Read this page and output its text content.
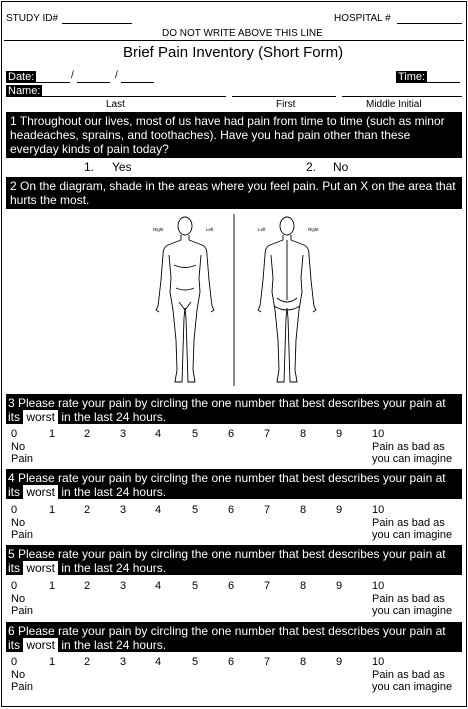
STUDY ID#	HOSPITAL #
DO NOT WRITE ABOVE THIS LINE
Brief Pain Inventory (Short Form)
Date:	/	/	Time:
Name:
Last	First	Middle Initial
1 Throughout our lives, most of us have had pain from time to time (such as minor headeaches, sprains, and toothaches). Have you had pain other than these everyday kinds of pain today?
1. Yes	2. No
2 On the diagram, shade in the areas where you feel pain. Put an X on the area that hurts the most.
Right	Left	Left	Right
3 Please rate your pain by circling the one number that best describes your pain at its worst in the last 24 hours.
0	1	2	3	4	5	6	7	8	9	10
No
Pain
Pain as bad as
you can imagine
4 Please rate your pain by circling the one number that best describes your pain at its worst in the last 24 hours.
0	1	2	3	4	5	6	7	8	9	10
No
Pain
Pain as bad as
you can imagine
5 Please rate your pain by circling the one number that best describes your pain at its worst in the last 24 hours.
0	1	2	3	4	5	6	7	8	9	10
No
Pain
Pain as bad as
you can imagine
6 Please rate your pain by circling the one number that best describes your pain at its worst in the last 24 hours.
0	1	2	3	4	5	6	7	8	9	10
No
Pain
Pain as bad as
you can imagine
